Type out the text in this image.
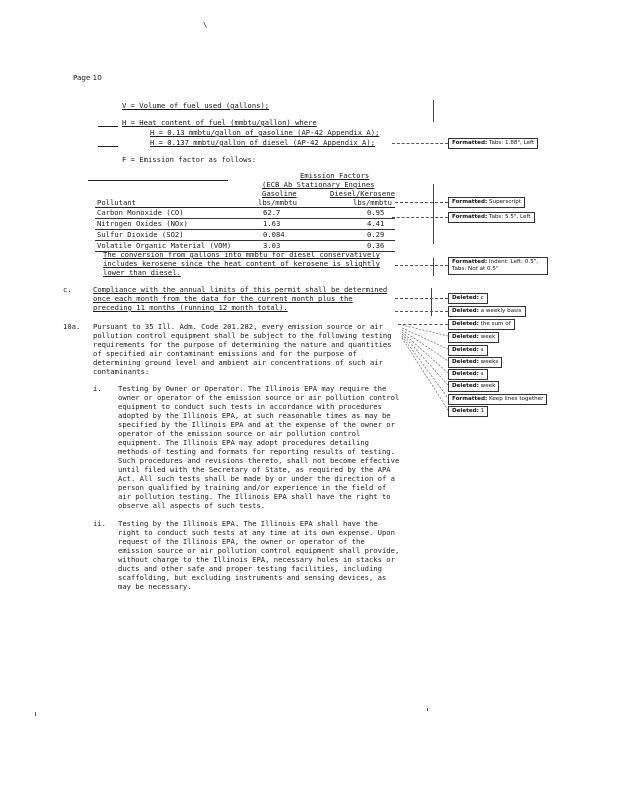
\
Page 10
V = Volume of fuel used (gallons);
H = Heat content of fuel (mmbtu/gallon) where
H = 0.13 mmbtu/gallon of gasoline (AP-42 Appendix A);
H = 0.137 mmbtu/gallon of diesel (AP-42 Appendix A);
F = Emission factor as follows:
Emission Factors
(ECB Ab Stationary Engines
Gasoline	Diesel/Kerosene
Pollutant	lbs/mmbtu	lbs/mmbtu
Carbon Monoxide (CO)	62.7	0.95
Nitrogen Oxides (NOx)	1.63	4.41
Sulfur Dioxide (SO2)	0.084	0.29
Volatile Organic Material (VOM)	3.03	0.36
The conversion from gallons into mmbtu for diesel conservatively includes kerosene since the heat content of kerosene is slightly lower than diesel.
c.	Compliance with the annual limits of this permit shall be determined once each month from the data for the current month plus the preceding 11 months (running 12 month total).
10a. Pursuant to 35 Ill. Adm. Code 201.282, every emission source or air pollution control equipment shall be subject to the following testing requirements for the purpose of determining the nature and quantities of specified air contaminant emissions and for the purpose of determining ground level and ambient air concentrations of such air contaminants:
i. Testing by Owner or Operator. The Illinois EPA may require the owner or operator of the emission source or air pollution control equipment to conduct such tests in accordance with procedures adopted by the Illinois EPA, at such reasonable times as may be specified by the Illinois EPA and at the expense of the owner or operator of the emission source or air pollution control equipment. The Illinois EPA may adopt procedures detailing methods of testing and formats for reporting results of testing. Such procedures and revisions thereto, shall not become effective until filed with the Secretary of State, as required by the APA Act. All such tests shall be made by or under the direction of a person qualified by training and/or experience in the field of air pollution testing. The Illinois EPA shall have the right to observe all aspects of such tests.
ii. Testing by the Illinois EPA. The Illinois EPA shall have the right to conduct such tests at any time at its own expense. Upon request of the Illinois EPA, the owner or operator of the emission source or air pollution control equipment shall provide, without charge to the Illinois EPA, necessary holes in stacks or ducts and other safe and proper testing facilities, including scaffolding, but excluding instruments and sensing devices, as may be necessary.
Formatted: Tabs: 1.88", Left
Formatted: Superscript
Formatted: Tabs: 5.5", Left
Formatted: Indent: Left: 0.5", Tabs: Not at 0.5"
Deleted: c
Deleted: a weekly basis
Deleted: the sum of
Deleted: week
Deleted: s
Deleted: weeks
Deleted: s
Deleted: week
Formatted: Keep lines together
Deleted: 1
